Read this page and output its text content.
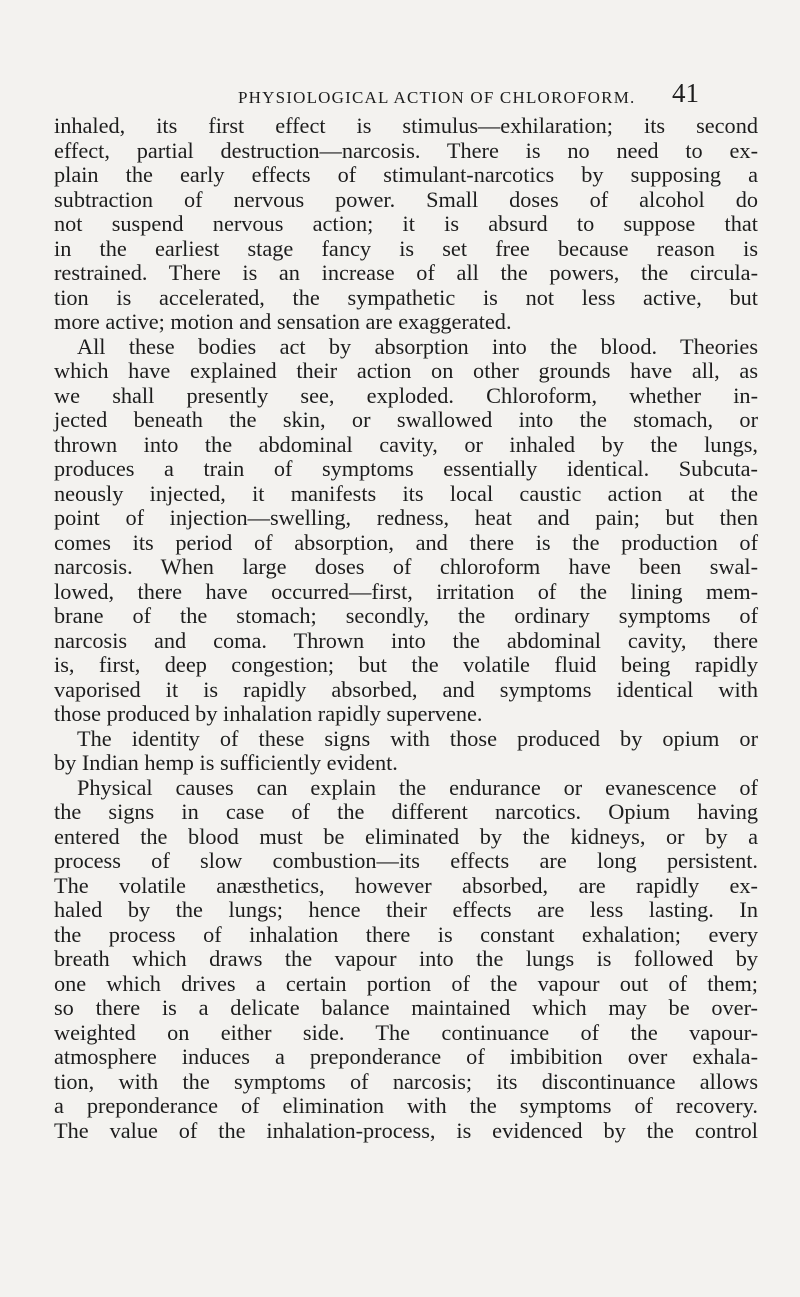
PHYSIOLOGICAL ACTION OF CHLOROFORM.	41
inhaled, its first effect is stimulus—exhilaration; its second
effect, partial destruction—narcosis. There is no need to ex-
plain the early effects of stimulant-narcotics by supposing a
subtraction of nervous power. Small doses of alcohol do
not suspend nervous action; it is absurd to suppose that
in the earliest stage fancy is set free because reason is
restrained. There is an increase of all the powers, the circula-
tion is accelerated, the sympathetic is not less active, but
more active; motion and sensation are exaggerated.
All these bodies act by absorption into the blood. Theories
which have explained their action on other grounds have all, as
we shall presently see, exploded. Chloroform, whether in-
jected beneath the skin, or swallowed into the stomach, or
thrown into the abdominal cavity, or inhaled by the lungs,
produces a train of symptoms essentially identical. Subcuta-
neously injected, it manifests its local caustic action at the
point of injection—swelling, redness, heat and pain; but then
comes its period of absorption, and there is the production of
narcosis. When large doses of chloroform have been swal-
lowed, there have occurred—first, irritation of the lining mem-
brane of the stomach; secondly, the ordinary symptoms of
narcosis and coma. Thrown into the abdominal cavity, there
is, first, deep congestion; but the volatile fluid being rapidly
vaporised it is rapidly absorbed, and symptoms identical with
those produced by inhalation rapidly supervene.
The identity of these signs with those produced by opium or
by Indian hemp is sufficiently evident.
Physical causes can explain the endurance or evanescence of
the signs in case of the different narcotics. Opium having
entered the blood must be eliminated by the kidneys, or by a
process of slow combustion—its effects are long persistent.
The volatile anæsthetics, however absorbed, are rapidly ex-
haled by the lungs; hence their effects are less lasting. In
the process of inhalation there is constant exhalation; every
breath which draws the vapour into the lungs is followed by
one which drives a certain portion of the vapour out of them;
so there is a delicate balance maintained which may be over-
weighted on either side. The continuance of the vapour-
atmosphere induces a preponderance of imbibition over exhala-
tion, with the symptoms of narcosis; its discontinuance allows
a preponderance of elimination with the symptoms of recovery.
The value of the inhalation-process, is evidenced by the control
